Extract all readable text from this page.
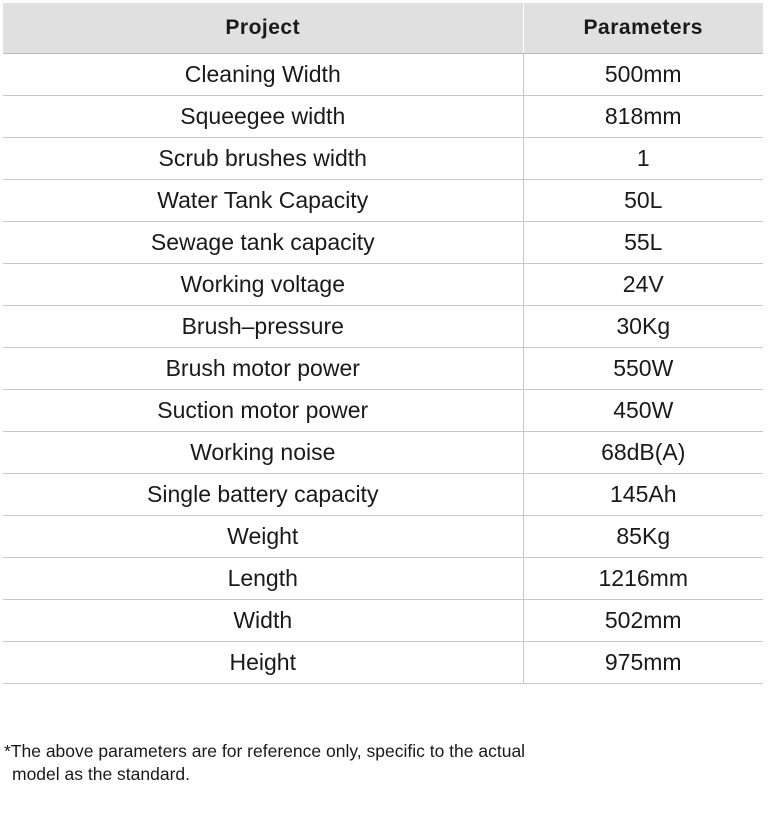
Project	Parameters
Cleaning Width	500mm
Squeegee width	818mm
Scrub brushes width	1
Water Tank Capacity	50L
Sewage tank capacity	55L
Working voltage	24V
Brush–pressure	30Kg
Brush motor power	550W
Suction motor power	450W
Working noise	68dB(A)
Single battery capacity	145Ah
Weight	85Kg
Length	1216mm
Width	502mm
Height	975mm
*The above parameters are for reference only, specific to the actual
model as the standard.
